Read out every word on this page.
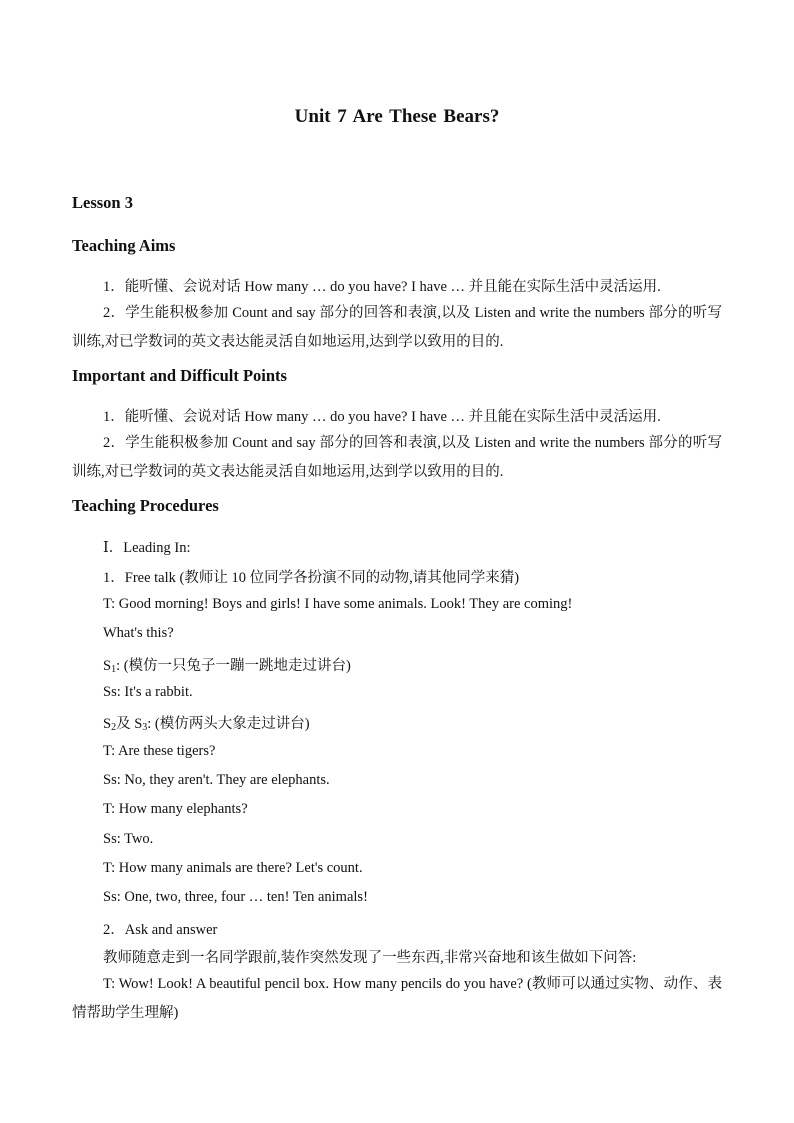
Unit 7 Are These Bears?
Lesson 3
Teaching Aims
1．能听懂、会说对话 How many … do you have? I have … 并且能在实际生活中灵活运用.
2．学生能积极参加 Count and say 部分的回答和表演,以及 Listen and write the numbers 部分的听写训练,对已学数词的英文表达能灵活自如地运用,达到学以致用的目的.
Important and Difficult Points
1．能听懂、会说对话 How many … do you have? I have … 并且能在实际生活中灵活运用.
2．学生能积极参加 Count and say 部分的回答和表演,以及 Listen and write the numbers 部分的听写训练,对已学数词的英文表达能灵活自如地运用,达到学以致用的目的.
Teaching Procedures
Ⅰ．Leading In:
1．Free talk (教师让 10 位同学各扮演不同的动物,请其他同学来猜)
T: Good morning! Boys and girls! I have some animals. Look! They are coming!
What's this?
$S_1$: (模仿一只兔子一蹦一跳地走过讲台)
Ss: It's a rabbit.
$S_2$及 $S_3$: (模仿两头大象走过讲台)
T: Are these tigers?
Ss: No, they aren't. They are elephants.
T: How many elephants?
Ss: Two.
T: How many animals are there? Let's count.
Ss: One, two, three, four … ten! Ten animals!
2．Ask and answer
教师随意走到一名同学跟前,装作突然发现了一些东西,非常兴奋地和该生做如下问答:
T: Wow! Look! A beautiful pencil box. How many pencils do you have? (教师可以通过实物、动作、表情帮助学生理解)
